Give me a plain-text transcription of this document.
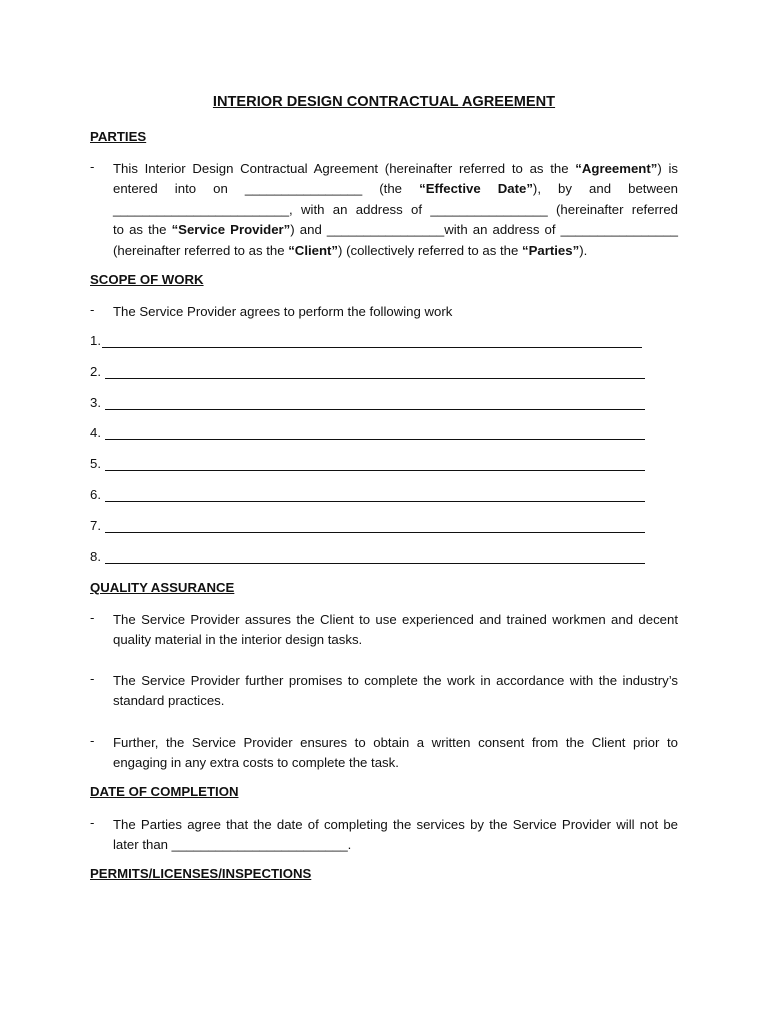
INTERIOR DESIGN CONTRACTUAL AGREEMENT
PARTIES
- This Interior Design Contractual Agreement (hereinafter referred to as the “Agreement”) is
entered into on ________________ (the “Effective Date”), by and between
________________________, with an address of ________________ (hereinafter referred
to as the “Service Provider”) and ________________with an address of ________________
(hereinafter referred to as the “Client”) (collectively referred to as the “Parties”).
SCOPE OF WORK
- The Service Provider agrees to perform the following work
1.
2.
3.
4.
5.
6.
7.
8.
QUALITY ASSURANCE
- The Service Provider assures the Client to use experienced and trained workmen and decent quality material in the interior design tasks.
- The Service Provider further promises to complete the work in accordance with the industry’s standard practices.
- Further, the Service Provider ensures to obtain a written consent from the Client prior to engaging in any extra costs to complete the task.
DATE OF COMPLETION
- The Parties agree that the date of completing the services by the Service Provider will not be later than ________________________.
PERMITS/LICENSES/INSPECTIONS
